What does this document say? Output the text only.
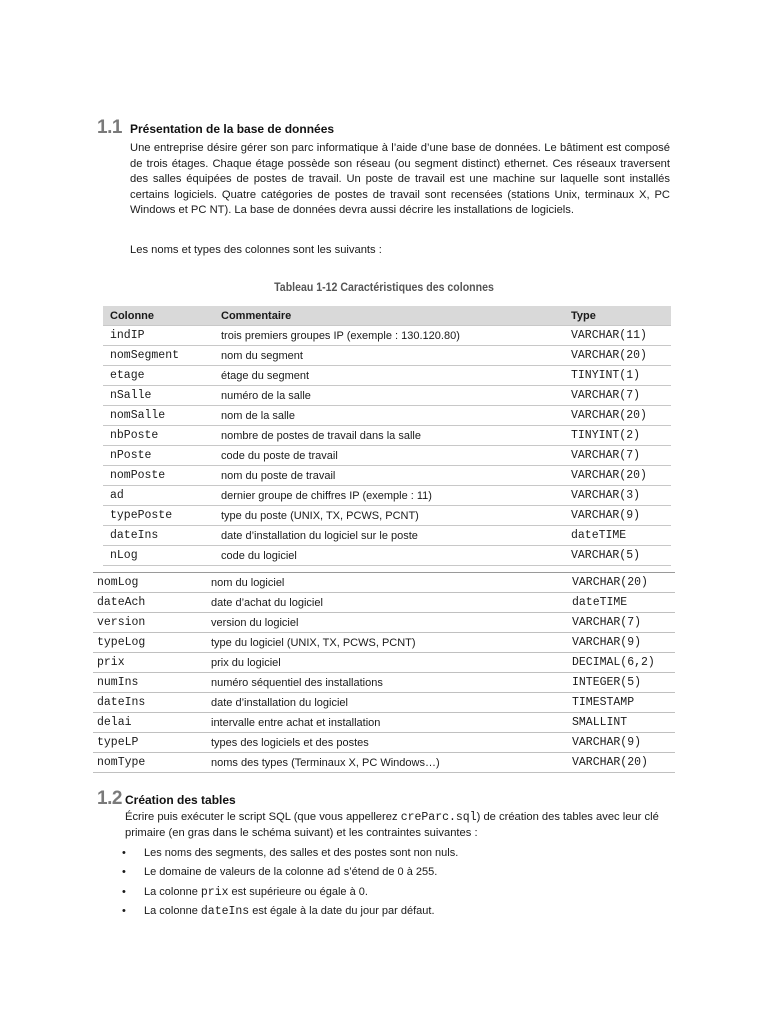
1.1 Présentation de la base de données

Une entreprise désire gérer son parc informatique à l’aide d’une base de données. Le bâtiment est composé de trois étages. Chaque étage possède son réseau (ou segment distinct) ethernet. Ces réseaux traversent des salles équipées de postes de travail. Un poste de travail est une machine sur laquelle sont installés certains logiciels. Quatre catégories de postes de travail sont recensées (stations Unix, terminaux X, PC Windows et PC NT). La base de données devra aussi décrire les installations de logiciels.

Les noms et types des colonnes sont les suivants :

Tableau 1-12 Caractéristiques des colonnes
Colonne	Commentaire	Type
indIP	trois premiers groupes IP (exemple : 130.120.80)	VARCHAR(11)
nomSegment	nom du segment	VARCHAR(20)
etage	étage du segment	TINYINT(1)
nSalle	numéro de la salle	VARCHAR(7)
nomSalle	nom de la salle	VARCHAR(20)
nbPoste	nombre de postes de travail dans la salle	TINYINT(2)
nPoste	code du poste de travail	VARCHAR(7)
nomPoste	nom du poste de travail	VARCHAR(20)
ad	dernier groupe de chiffres IP (exemple : 11)	VARCHAR(3)
typePoste	type du poste (UNIX, TX, PCWS, PCNT)	VARCHAR(9)
dateIns	date d’installation du logiciel sur le poste	dateTIME
nLog	code du logiciel	VARCHAR(5)
nomLog	nom du logiciel	VARCHAR(20)
dateAch	date d’achat du logiciel	dateTIME
version	version du logiciel	VARCHAR(7)
typeLog	type du logiciel (UNIX, TX, PCWS, PCNT)	VARCHAR(9)
prix	prix du logiciel	DECIMAL(6,2)
numIns	numéro séquentiel des installations	INTEGER(5)
dateIns	date d’installation du logiciel	TIMESTAMP
delai	intervalle entre achat et installation	SMALLINT
typeLP	types des logiciels et des postes	VARCHAR(9)
nomType	noms des types (Terminaux X, PC Windows…)	VARCHAR(20)
1.2 Création des tables

Écrire puis exécuter le script SQL (que vous appellerez creParc.sql) de création des tables avec leur clé primaire (en gras dans le schéma suivant) et les contraintes suivantes :

•	Les noms des segments, des salles et des postes sont non nuls.
•	Le domaine de valeurs de la colonne ad s’étend de 0 à 255.
•	La colonne prix est supérieure ou égale à 0.
•	La colonne dateIns est égale à la date du jour par défaut.
